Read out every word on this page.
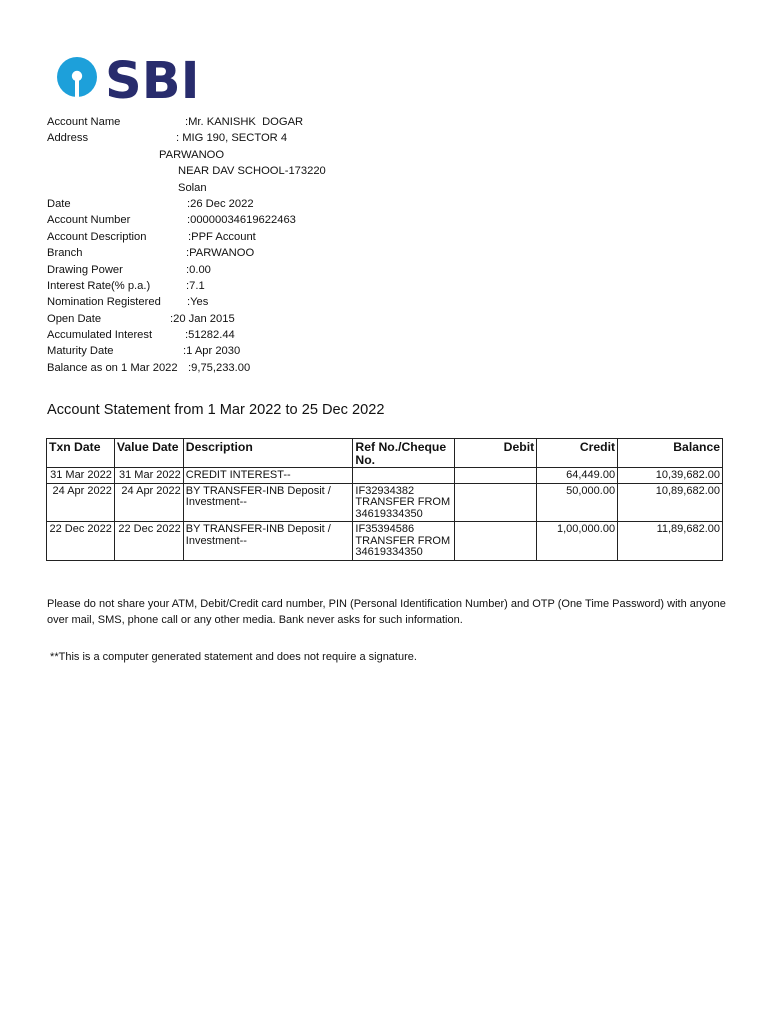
SBI
Account Name	:Mr. KANISHK  DOGAR
Address	: MIG 190, SECTOR 4
PARWANOO
NEAR DAV SCHOOL-173220
Solan
Date	:26 Dec 2022
Account Number	:00000034619622463
Account Description	:PPF Account
Branch	:PARWANOO
Drawing Power	:0.00
Interest Rate(% p.a.)	:7.1
Nomination Registered :Yes
Open Date	:20 Jan 2015
Accumulated Interest	:51282.44
Maturity Date	:1 Apr 2030
Balance as on 1 Mar 2022 :9,75,233.00
Account Statement from 1 Mar 2022 to 25 Dec 2022
Txn Date	Value Date	Description	Ref No./Cheque No.	Debit	Credit	Balance
31 Mar 2022	31 Mar 2022	CREDIT INTEREST--			64,449.00	10,39,682.00
24 Apr 2022	24 Apr 2022	BY TRANSFER-INB Deposit / Investment--	IF32934382 TRANSFER FROM 34619334350		50,000.00	10,89,682.00
22 Dec 2022	22 Dec 2022	BY TRANSFER-INB Deposit / Investment--	IF35394586 TRANSFER FROM 34619334350		1,00,000.00	11,89,682.00
Please do not share your ATM, Debit/Credit card number, PIN (Personal Identification Number) and OTP (One Time Password) with anyone over mail, SMS, phone call or any other media. Bank never asks for such information.
**This is a computer generated statement and does not require a signature.
